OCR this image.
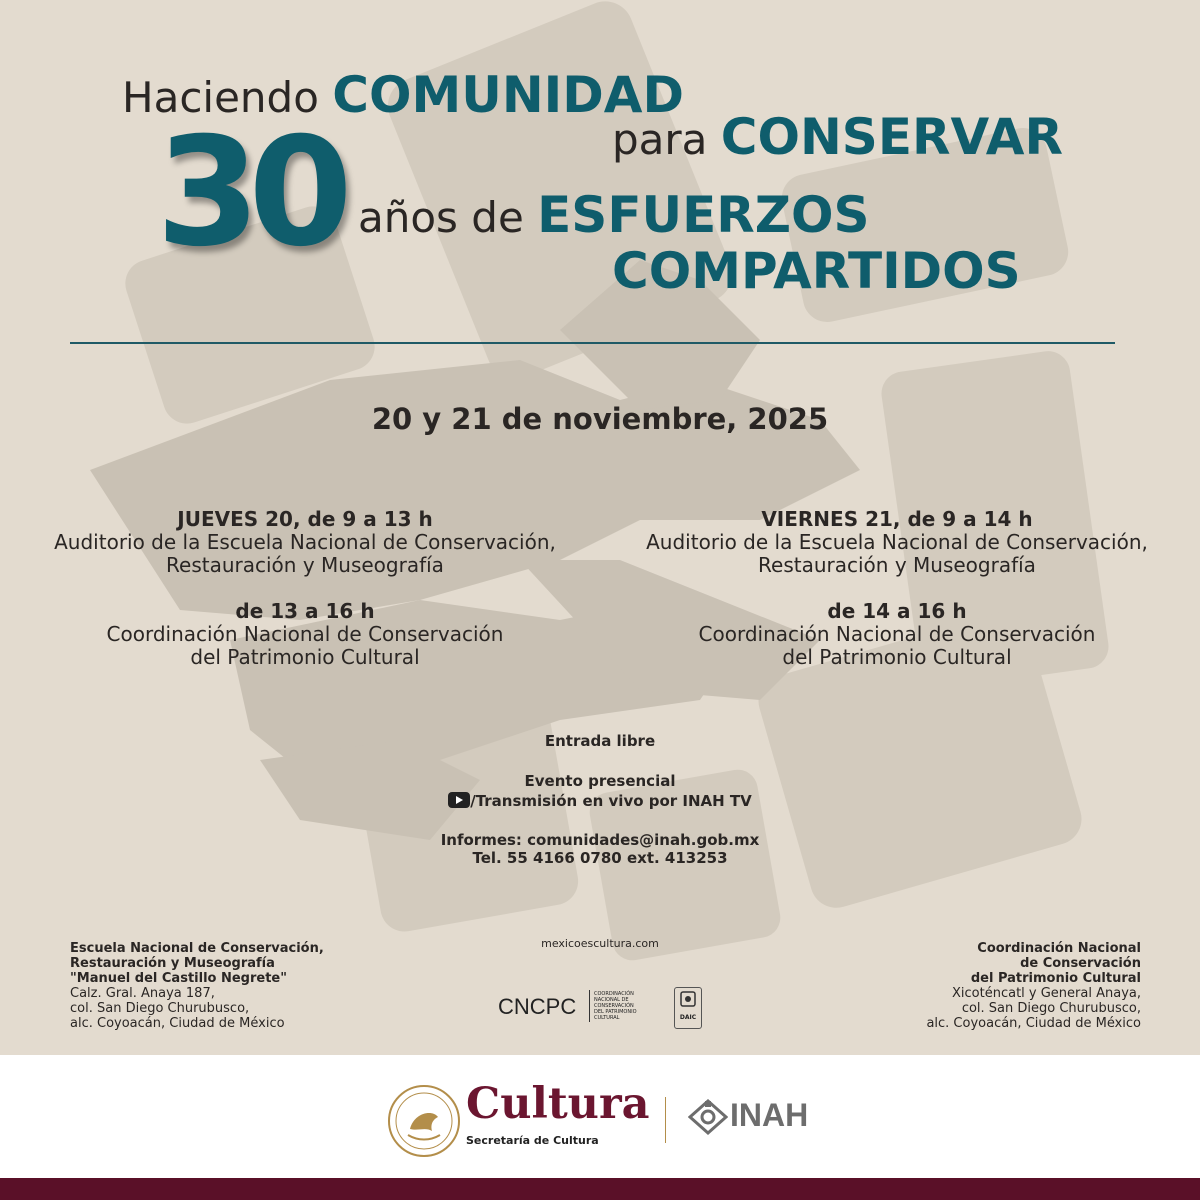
Haciendo COMUNIDAD
para CONSERVAR
30 años de ESFUERZOS
COMPARTIDOS
20 y 21 de noviembre, 2025
JUEVES 20, de 9 a 13 h
Auditorio de la Escuela Nacional de Conservación,
Restauración y Museografía
de 13 a 16 h
Coordinación Nacional de Conservación
del Patrimonio Cultural
VIERNES 21, de 9 a 14 h
Auditorio de la Escuela Nacional de Conservación,
Restauración y Museografía
de 14 a 16 h
Coordinación Nacional de Conservación
del Patrimonio Cultural
Entrada libre
Evento presencial
/Transmisión en vivo por INAH TV
Informes: comunidades@inah.gob.mx
Tel. 55 4166 0780 ext. 413253
Escuela Nacional de Conservación,
Restauración y Museografía
"Manuel del Castillo Negrete"
Calz. Gral. Anaya 187,
col. San Diego Churubusco,
alc. Coyoacán, Ciudad de México
Coordinación Nacional
de Conservación
del Patrimonio Cultural
Xicoténcatl y General Anaya,
col. San Diego Churubusco,
alc. Coyoacán, Ciudad de México
mexicoescultura.com
CNCPC	COORDINACIÓN
NACIONAL DE
CONSERVACIÓN
DEL PATRIMONIO
CULTURAL	DAIC
Cultura
Secretaría de Cultura
INAH
